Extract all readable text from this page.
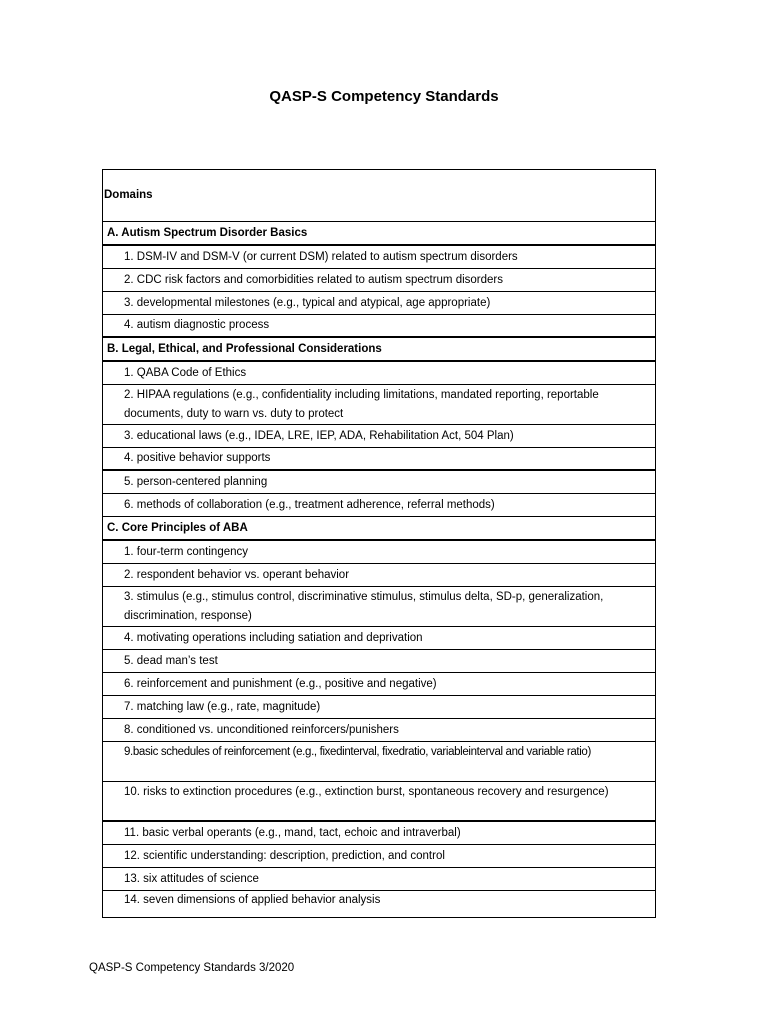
QASP-S Competency Standards
Domains
A. Autism Spectrum Disorder Basics
1. DSM-IV and DSM-V (or current DSM) related to autism spectrum disorders
2. CDC risk factors and comorbidities related to autism spectrum disorders
3. developmental milestones (e.g., typical and atypical, age appropriate)
4. autism diagnostic process
B. Legal, Ethical, and Professional Considerations
1. QABA Code of Ethics
2. HIPAA regulations (e.g., confidentiality including limitations, mandated reporting, reportable documents, duty to warn vs. duty to protect
3. educational laws (e.g., IDEA, LRE, IEP, ADA, Rehabilitation Act, 504 Plan)
4. positive behavior supports
5. person-centered planning
6. methods of collaboration (e.g., treatment adherence, referral methods)
C. Core Principles of ABA
1. four-term contingency
2. respondent behavior vs. operant behavior
3. stimulus (e.g., stimulus control, discriminative stimulus, stimulus delta, SD-p, generalization, discrimination, response)
4. motivating operations including satiation and deprivation
5. dead man’s test
6. reinforcement and punishment (e.g., positive and negative)
7. matching law (e.g., rate, magnitude)
8. conditioned vs. unconditioned reinforcers/punishers
9.basic schedules of reinforcement (e.g., fixedinterval, fixedratio, variableinterval and variable ratio)
10. risks to extinction procedures (e.g., extinction burst, spontaneous recovery and resurgence)
11. basic verbal operants (e.g., mand, tact, echoic and intraverbal)
12. scientific understanding: description, prediction, and control
13. six attitudes of science
14. seven dimensions of applied behavior analysis
QASP-S Competency Standards 3/2020
